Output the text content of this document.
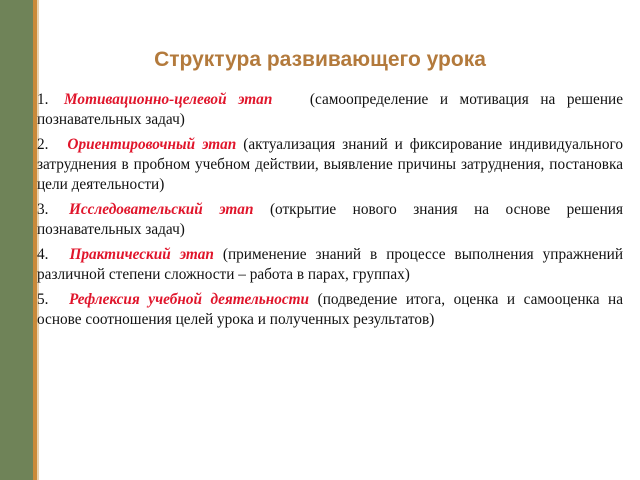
Структура развивающего урока

1. Мотивационно-целевой этап (самоопределение и мотивация на решение познавательных задач)

2. Ориентировочный этап (актуализация знаний и фиксирование индивидуального затруднения в пробном учебном действии, выявление причины затруднения, постановка цели деятельности)

3. Исследовательский этап (открытие нового знания на основе решения познавательных задач)

4. Практический этап (применение знаний в процессе выполнения упражнений различной степени сложности – работа в парах, группах)

5. Рефлексия учебной деятельности (подведение итога, оценка и самооценка на основе соотношения целей урока и полученных результатов)
